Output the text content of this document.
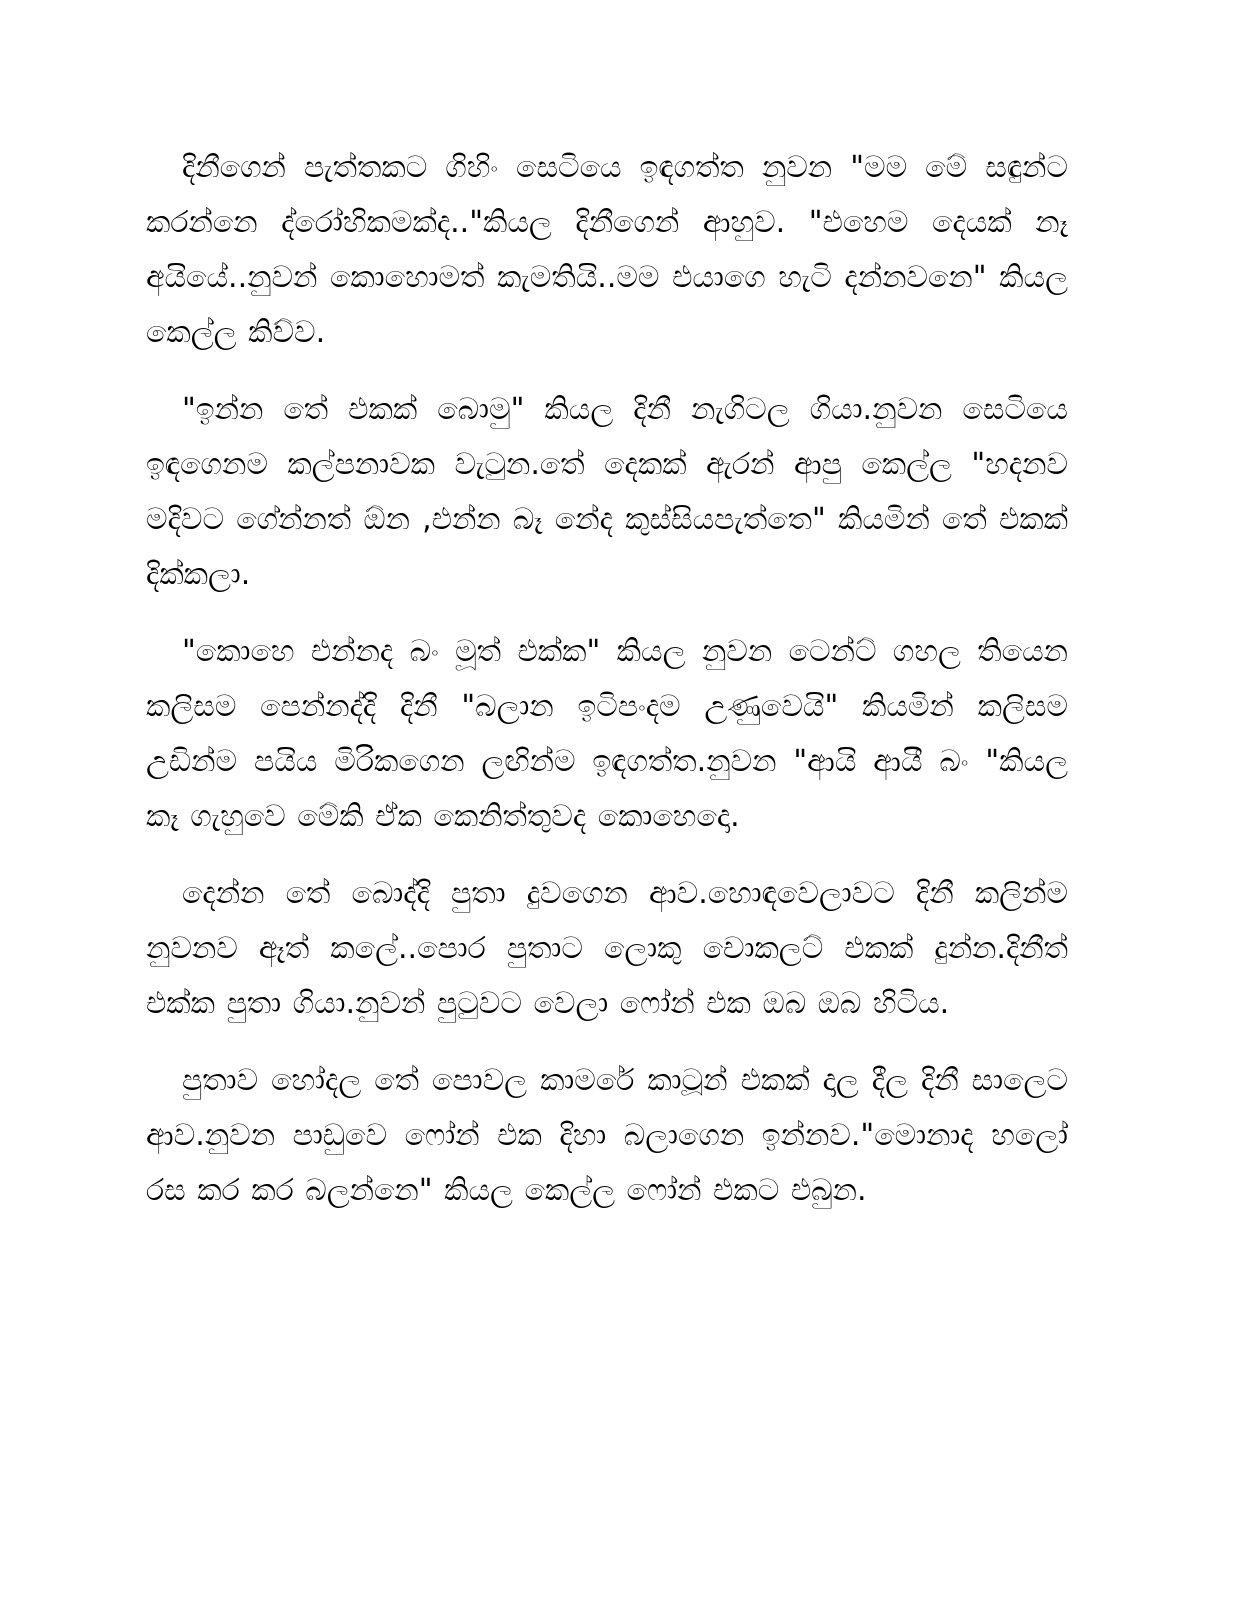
දිනීගෙන් පැත්තකට ගිහිං සෙටියෙ ඉඳගත්ත නුවන "මම මේ සඳුන්ට කරන්නෙ ද්රෝහිකමක්ද.."කියල දිනීගෙන් ආහුව. "එහෙම දෙයක් නෑ අයියේ..නුවන් කොහොමත් කැමතියි..මම එයාගෙ හැටි දන්නවනෙ" කියල කෙල්ල කිව්ව.

"ඉන්න තේ එකක් බොමු" කියල දිනී නැගිටල ගියා.නුවන සෙටියෙ ඉඳගෙනම කල්පනාවක වැටුන.තේ දෙකක් ඇරන් ආපු කෙල්ල "හදනව මදිවට ගේන්නත් ඕන ,එන්න බෑ නේද කුස්සියපැත්තෙ" කියමින් තේ එකක් දික්කලා.

"කොහෙ එන්නද බං මූත් එක්ක" කියල නුවන ටෙන්ට් ගහල තියෙන කලිසම පෙන්නද්දි දිනී "බලාන ඉටිපංදම උණුවෙයි" කියමින් කලිසම උඩින්ම පයිය මිරිකගෙන ලඟින්ම ඉඳගත්ත.නුවන "ආයි ආයී බං "කියල කෑ ගැහුවෙ මේකි ඒක කෙනිත්තුවද කොහෙදො.

දෙන්න තේ බොද්දි පුතා දුවගෙන ආව.හොඳවෙලාවට දිනී කලින්ම නුවනව ඈත් කලේ..පොර පුතාට ලොකු චොකලට් එකක් දුන්න.දිනීත් එක්ක පුතා ගියා.නුවන් පුටුවට වෙලා ෆෝන් එක ඔබ ඔබ හිටිය.

පුතාව හෝදල තේ පොවල කාමරේ කාටූන් එකක් දාල දීල දිනී සාලෙට ආව.නුවන පාඩුවෙ ෆෝන් එක දිහා බලාගෙන ඉන්නව."මොනාද හලෝ රස කර කර බලන්නෙ" කියල කෙල්ල ෆෝන් එකට එබුන.
